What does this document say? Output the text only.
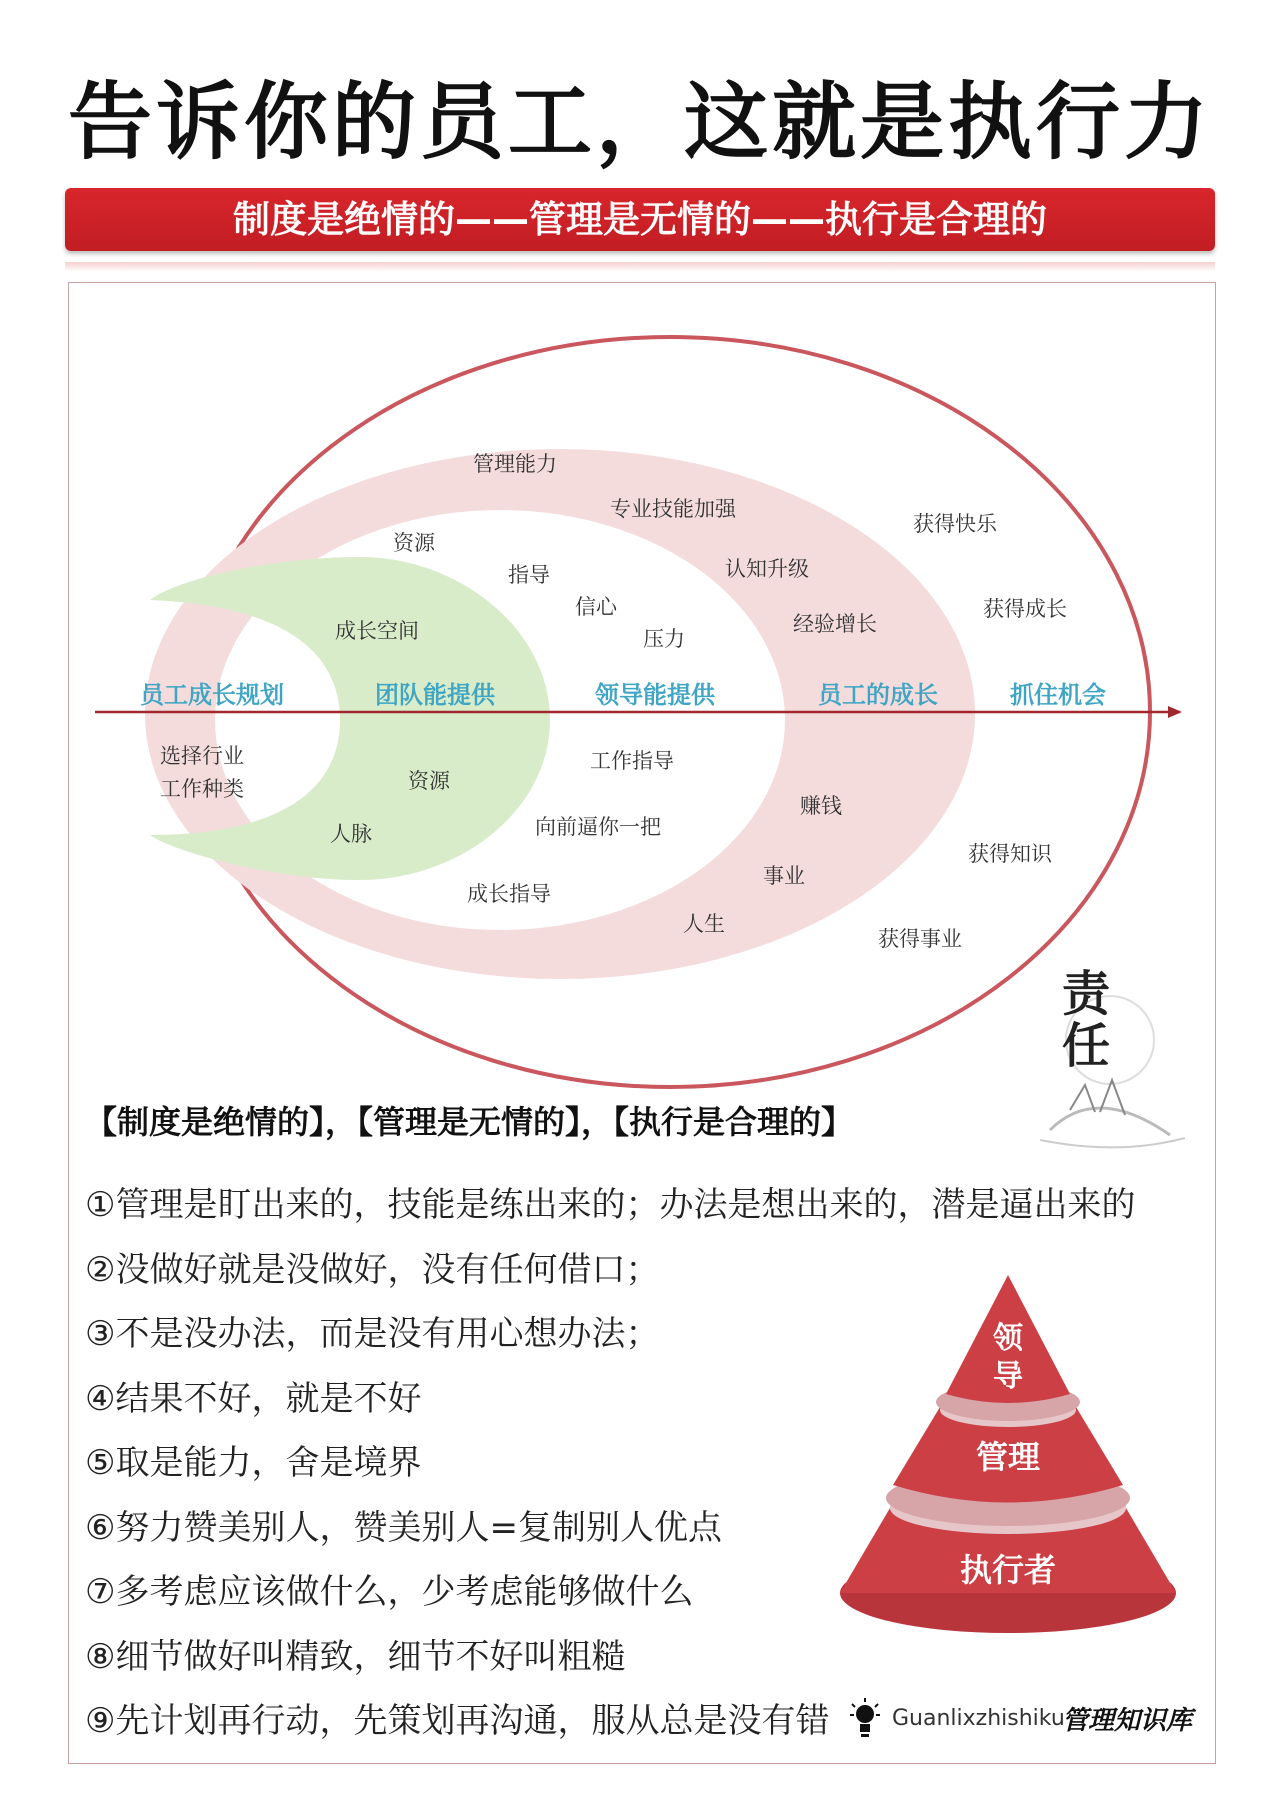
告诉你的员工，这就是执行力
制度是绝情的——管理是无情的——执行是合理的
员工成长规划	团队能提供	领导能提供	员工的成长	抓住机会
获得快乐
获得成长
获得知识
获得事业
管理能力
专业技能加强
认知升级
经验增长
赚钱
事业
人生
资源
指导
信心
压力
工作指导
向前逼你一把
成长指导
成长空间
资源
人脉
选择行业
工作种类
责任
【制度是绝情的】，【管理是无情的】，【执行是合理的】
①管理是盯出来的，技能是练出来的；办法是想出来的，潜是逼出来的
②没做好就是没做好，没有任何借口；
③不是没办法，而是没有用心想办法；
④结果不好，就是不好
⑤取是能力，舍是境界
⑥努力赞美别人，赞美别人=复制别人优点
⑦多考虑应该做什么，少考虑能够做什么
⑧细节做好叫精致，细节不好叫粗糙
⑨先计划再行动，先策划再沟通，服从总是没有错
领导
管理
执行者
Guanlixzhishiku
管理知识库
